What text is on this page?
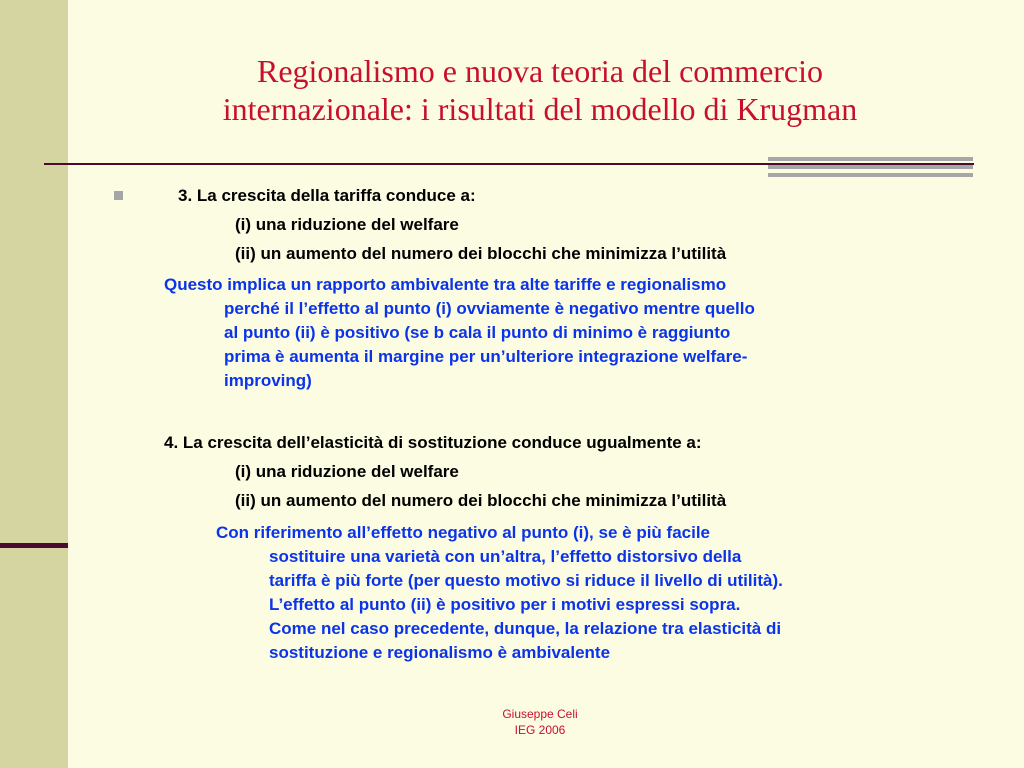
Regionalismo e nuova teoria del commercio
internazionale: i risultati del modello di Krugman
3. La crescita della tariffa conduce a:
(i) una riduzione del welfare
(ii) un aumento del numero dei blocchi che minimizza l’utilità
Questo implica un rapporto ambivalente tra alte tariffe e regionalismo
perché il l’effetto al punto (i) ovviamente è negativo mentre quello
al punto (ii) è positivo (se b cala il punto di minimo è raggiunto
prima è aumenta il margine per un’ulteriore integrazione welfare-
improving)
4. La crescita dell’elasticità di sostituzione conduce ugualmente a:
(i) una riduzione del welfare
(ii) un aumento del numero dei blocchi che minimizza l’utilità
Con riferimento all’effetto negativo al punto (i), se è più facile
sostituire una varietà con un’altra, l’effetto distorsivo della
tariffa è più forte (per questo motivo si riduce il livello di utilità).
L’effetto al punto (ii) è positivo per i motivi espressi sopra.
Come nel caso precedente, dunque, la relazione tra elasticità di
sostituzione e regionalismo è ambivalente
Giuseppe Celi
IEG 2006
